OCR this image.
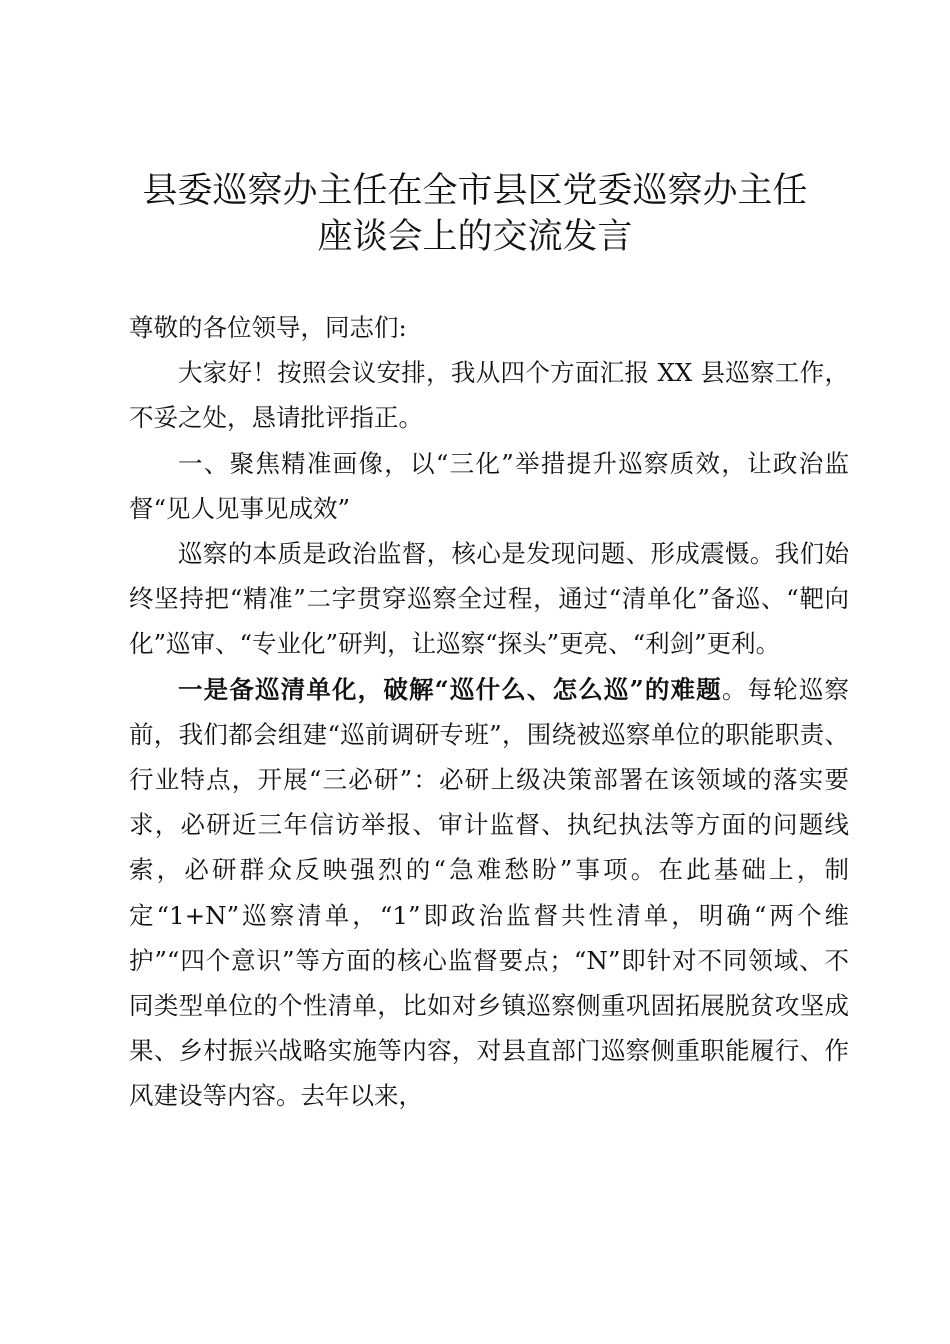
县委巡察办主任在全市县区党委巡察办主任
座谈会上的交流发言

尊敬的各位领导，同志们:

大家好！按照会议安排，我从四个方面汇报 XX 县巡察工作，不妥之处，恳请批评指正。

一、聚焦精准画像，以“三化”举措提升巡察质效，让政治监督“见人见事见成效”

巡察的本质是政治监督，核心是发现问题、形成震慑。我们始终坚持把“精准”二字贯穿巡察全过程，通过“清单化”备巡、“靶向化”巡审、“专业化”研判，让巡察“探头”更亮、“利剑”更利。

一是备巡清单化，破解“巡什么、怎么巡”的难题。每轮巡察前，我们都会组建“巡前调研专班”，围绕被巡察单位的职能职责、行业特点，开展“三必研”：必研上级决策部署在该领域的落实要求，必研近三年信访举报、审计监督、执纪执法等方面的问题线索，必研群众反映强烈的“急难愁盼”事项。在此基础上，制定“1+N”巡察清单，“1”即政治监督共性清单，明确“两个维护”“四个意识”等方面的核心监督要点；“N”即针对不同领域、不同类型单位的个性清单，比如对乡镇巡察侧重巩固拓展脱贫攻坚成果、乡村振兴战略实施等内容，对县直部门巡察侧重职能履行、作风建设等内容。去年以来，
